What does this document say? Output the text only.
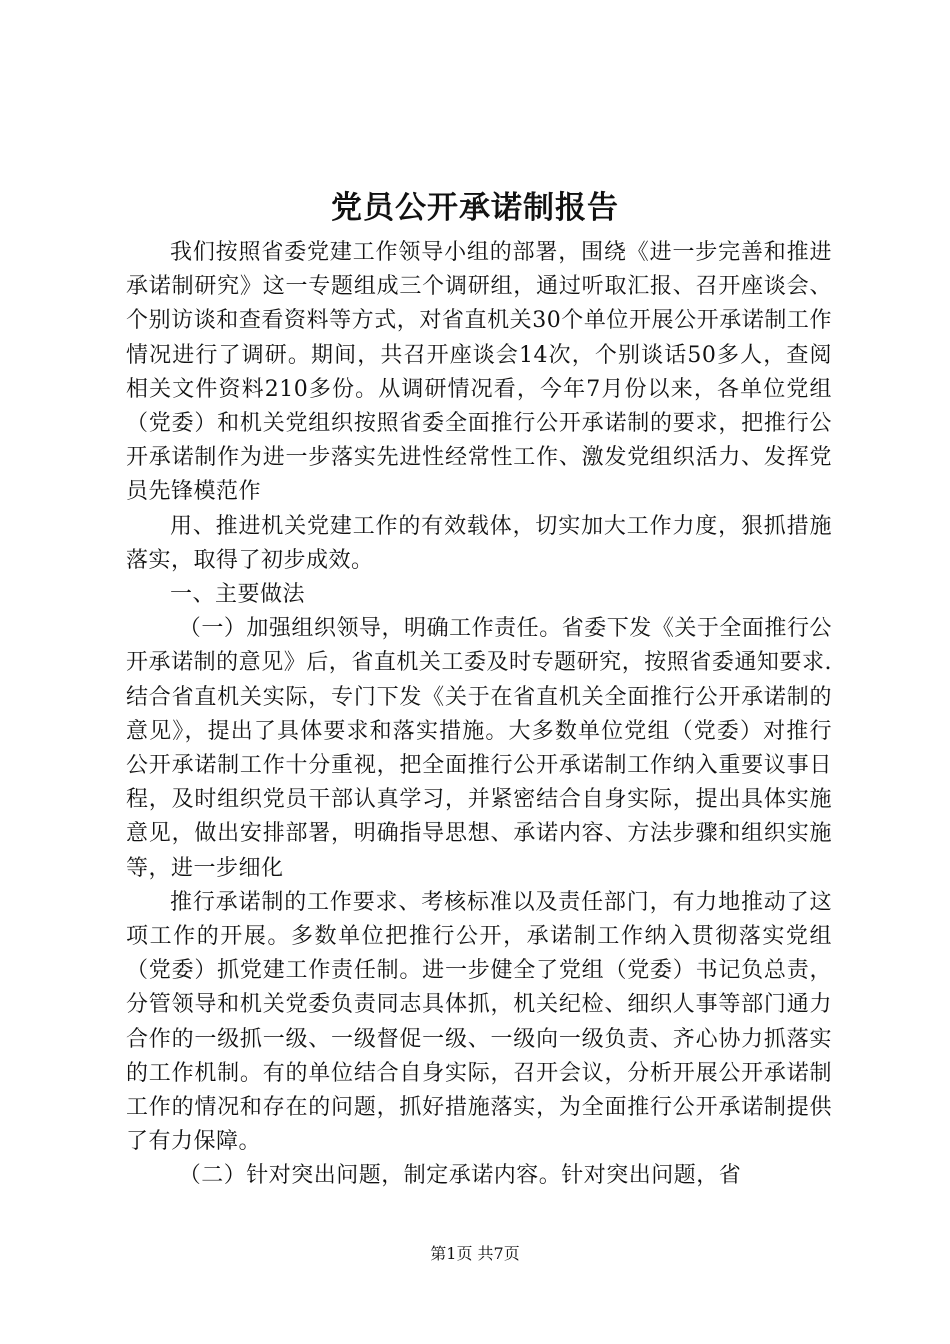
党员公开承诺制报告

我们按照省委党建工作领导小组的部署，围绕《进一步完善和推进承诺制研究》这一专题组成三个调研组，通过听取汇报、召开座谈会、个别访谈和查看资料等方式，对省直机关30个单位开展公开承诺制工作情况进行了调研。期间，共召开座谈会14次，个别谈话50多人，查阅相关文件资料210多份。从调研情况看，今年7月份以来，各单位党组（党委）和机关党组织按照省委全面推行公开承诺制的要求，把推行公开承诺制作为进一步落实先进性经常性工作、激发党组织活力、发挥党员先锋模范作

用、推进机关党建工作的有效载体，切实加大工作力度，狠抓措施落实，取得了初步成效。

一、主要做法

（一）加强组织领导，明确工作责任。省委下发《关于全面推行公开承诺制的意见》后，省直机关工委及时专题研究，按照省委通知要求.结合省直机关实际，专门下发《关于在省直机关全面推行公开承诺制的意见》，提出了具体要求和落实措施。大多数单位党组（党委）对推行公开承诺制工作十分重视，把全面推行公开承诺制工作纳入重要议事日程，及时组织党员干部认真学习，并紧密结合自身实际，提出具体实施意见，做出安排部署，明确指导思想、承诺内容、方法步骤和组织实施等，进一步细化

推行承诺制的工作要求、考核标准以及责任部门，有力地推动了这项工作的开展。多数单位把推行公开，承诺制工作纳入贯彻落实党组（党委）抓党建工作责任制。进一步健全了党组（党委）书记负总责，分管领导和机关党委负责同志具体抓，机关纪检、细织人事等部门通力合作的一级抓一级、一级督促一级、一级向一级负责、齐心协力抓落实的工作机制。有的单位结合自身实际，召开会议，分析开展公开承诺制工作的情况和存在的问题，抓好措施落实，为全面推行公开承诺制提供了有力保障。

（二）针对突出问题，制定承诺内容。针对突出问题，省

第1页 共7页
